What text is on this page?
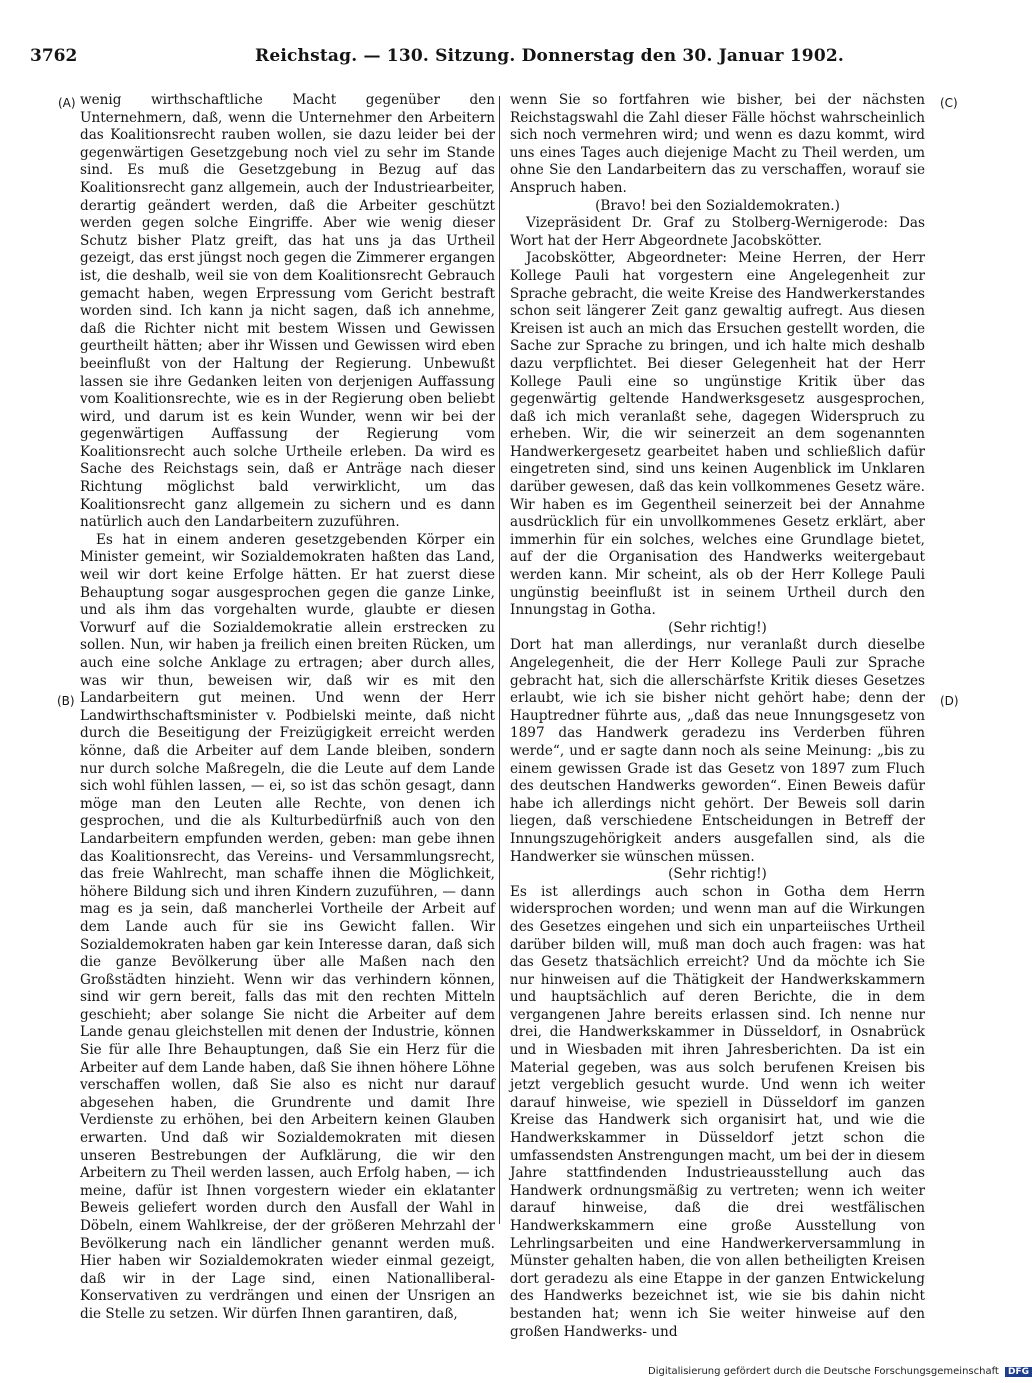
3762	Reichstag. — 130. Sitzung. Donnerstag den 30. Januar 1902.
(A)
(B)
(C)
(D)

wenig wirthschaftliche Macht gegenüber den Unternehmern, daß, wenn die Unternehmer den Arbeitern das Koalitionsrecht rauben wollen, sie dazu leider bei der gegenwärtigen Gesetzgebung noch viel zu sehr im Stande sind. Es muß die Gesetzgebung in Bezug auf das Koalitionsrecht ganz allgemein, auch der Industriearbeiter, derartig geändert werden, daß die Arbeiter geschützt werden gegen solche Eingriffe. Aber wie wenig dieser Schutz bisher Platz greift, das hat uns ja das Urtheil gezeigt, das erst jüngst noch gegen die Zimmerer ergangen ist, die deshalb, weil sie von dem Koalitionsrecht Gebrauch gemacht haben, wegen Erpressung vom Gericht bestraft worden sind. Ich kann ja nicht sagen, daß ich annehme, daß die Richter nicht mit bestem Wissen und Gewissen geurtheilt hätten; aber ihr Wissen und Gewissen wird eben beeinflußt von der Haltung der Regierung. Unbewußt lassen sie ihre Gedanken leiten von derjenigen Auffassung vom Koalitionsrechte, wie es in der Regierung oben beliebt wird, und darum ist es kein Wunder, wenn wir bei der gegenwärtigen Auffassung der Regierung vom Koalitionsrecht auch solche Urtheile erleben. Da wird es Sache des Reichstags sein, daß er Anträge nach dieser Richtung möglichst bald verwirklicht, um das Koalitionsrecht ganz allgemein zu sichern und es dann natürlich auch den Landarbeitern zuzuführen.

Es hat in einem anderen gesetzgebenden Körper ein Minister gemeint, wir Sozialdemokraten haßten das Land, weil wir dort keine Erfolge hätten. Er hat zuerst diese Behauptung sogar ausgesprochen gegen die ganze Linke, und als ihm das vorgehalten wurde, glaubte er diesen Vorwurf auf die Sozialdemokratie allein erstrecken zu sollen. Nun, wir haben ja freilich einen breiten Rücken, um auch eine solche Anklage zu ertragen; aber durch alles, was wir thun, beweisen wir, daß wir es mit den Landarbeitern gut meinen. Und wenn der Herr Landwirthschaftsminister v. Podbielski meinte, daß nicht durch die Beseitigung der Freizügigkeit erreicht werden könne, daß die Arbeiter auf dem Lande bleiben, sondern nur durch solche Maßregeln, die die Leute auf dem Lande sich wohl fühlen lassen, — ei, so ist das schön gesagt, dann möge man den Leuten alle Rechte, von denen ich gesprochen, und die als Kulturbedürfniß auch von den Landarbeitern empfunden werden, geben: man gebe ihnen das Koalitionsrecht, das Vereins- und Versammlungsrecht, das freie Wahlrecht, man schaffe ihnen die Möglichkeit, höhere Bildung sich und ihren Kindern zuzuführen, — dann mag es ja sein, daß mancherlei Vortheile der Arbeit auf dem Lande auch für sie ins Gewicht fallen. Wir Sozialdemokraten haben gar kein Interesse daran, daß sich die ganze Bevölkerung über alle Maßen nach den Großstädten hinzieht. Wenn wir das verhindern können, sind wir gern bereit, falls das mit den rechten Mitteln geschieht; aber solange Sie nicht die Arbeiter auf dem Lande genau gleichstellen mit denen der Industrie, können Sie für alle Ihre Behauptungen, daß Sie ein Herz für die Arbeiter auf dem Lande haben, daß Sie ihnen höhere Löhne verschaffen wollen, daß Sie also es nicht nur darauf abgesehen haben, die Grundrente und damit Ihre Verdienste zu erhöhen, bei den Arbeitern keinen Glauben erwarten. Und daß wir Sozialdemokraten mit diesen unseren Bestrebungen der Aufklärung, die wir den Arbeitern zu Theil werden lassen, auch Erfolg haben, — ich meine, dafür ist Ihnen vorgestern wieder ein eklatanter Beweis geliefert worden durch den Ausfall der Wahl in Döbeln, einem Wahlkreise, der der größeren Mehrzahl der Bevölkerung nach ein ländlicher genannt werden muß. Hier haben wir Sozialdemokraten wieder einmal gezeigt, daß wir in der Lage sind, einen Nationalliberal-Konservativen zu verdrängen und einen der Unsrigen an die Stelle zu setzen. Wir dürfen Ihnen garantiren, daß,

wenn Sie so fortfahren wie bisher, bei der nächsten Reichstagswahl die Zahl dieser Fälle höchst wahrscheinlich sich noch vermehren wird; und wenn es dazu kommt, wird uns eines Tages auch diejenige Macht zu Theil werden, um ohne Sie den Landarbeitern das zu verschaffen, worauf sie Anspruch haben.

(Bravo! bei den Sozialdemokraten.)

Vizepräsident Dr. Graf zu Stolberg-Wernigerode: Das Wort hat der Herr Abgeordnete Jacobskötter.

Jacobskötter, Abgeordneter: Meine Herren, der Herr Kollege Pauli hat vorgestern eine Angelegenheit zur Sprache gebracht, die weite Kreise des Handwerkerstandes schon seit längerer Zeit ganz gewaltig aufregt. Aus diesen Kreisen ist auch an mich das Ersuchen gestellt worden, die Sache zur Sprache zu bringen, und ich halte mich deshalb dazu verpflichtet. Bei dieser Gelegenheit hat der Herr Kollege Pauli eine so ungünstige Kritik über das gegenwärtig geltende Handwerksgesetz ausgesprochen, daß ich mich veranlaßt sehe, dagegen Widerspruch zu erheben. Wir, die wir seinerzeit an dem sogenannten Handwerkergesetz gearbeitet haben und schließlich dafür eingetreten sind, sind uns keinen Augenblick im Unklaren darüber gewesen, daß das kein vollkommenes Gesetz wäre. Wir haben es im Gegentheil seinerzeit bei der Annahme ausdrücklich für ein unvollkommenes Gesetz erklärt, aber immerhin für ein solches, welches eine Grundlage bietet, auf der die Organisation des Handwerks weitergebaut werden kann. Mir scheint, als ob der Herr Kollege Pauli ungünstig beeinflußt ist in seinem Urtheil durch den Innungstag in Gotha.

(Sehr richtig!)

Dort hat man allerdings, nur veranlaßt durch dieselbe Angelegenheit, die der Herr Kollege Pauli zur Sprache gebracht hat, sich die allerschärfste Kritik dieses Gesetzes erlaubt, wie ich sie bisher nicht gehört habe; denn der Hauptredner führte aus, „daß das neue Innungsgesetz von 1897 das Handwerk geradezu ins Verderben führen werde“, und er sagte dann noch als seine Meinung: „bis zu einem gewissen Grade ist das Gesetz von 1897 zum Fluch des deutschen Handwerks geworden“. Einen Beweis dafür habe ich allerdings nicht gehört. Der Beweis soll darin liegen, daß verschiedene Entscheidungen in Betreff der Innungszugehörigkeit anders ausgefallen sind, als die Handwerker sie wünschen müssen.

(Sehr richtig!)

Es ist allerdings auch schon in Gotha dem Herrn widersprochen worden; und wenn man auf die Wirkungen des Gesetzes eingehen und sich ein unparteiisches Urtheil darüber bilden will, muß man doch auch fragen: was hat das Gesetz thatsächlich erreicht? Und da möchte ich Sie nur hinweisen auf die Thätigkeit der Handwerkskammern und hauptsächlich auf deren Berichte, die in dem vergangenen Jahre bereits erlassen sind. Ich nenne nur drei, die Handwerkskammer in Düsseldorf, in Osnabrück und in Wiesbaden mit ihren Jahresberichten. Da ist ein Material gegeben, was aus solch berufenen Kreisen bis jetzt vergeblich gesucht wurde. Und wenn ich weiter darauf hinweise, wie speziell in Düsseldorf im ganzen Kreise das Handwerk sich organisirt hat, und wie die Handwerkskammer in Düsseldorf jetzt schon die umfassendsten Anstrengungen macht, um bei der in diesem Jahre stattfindenden Industrieausstellung auch das Handwerk ordnungsmäßig zu vertreten; wenn ich weiter darauf hinweise, daß die drei westfälischen Handwerkskammern eine große Ausstellung von Lehrlingsarbeiten und eine Handwerkerversammlung in Münster gehalten haben, die von allen betheiligten Kreisen dort geradezu als eine Etappe in der ganzen Entwickelung des Handwerks bezeichnet ist, wie sie bis dahin nicht bestanden hat; wenn ich Sie weiter hinweise auf den großen Handwerks- und

Digitalisierung gefördert durch die Deutsche Forschungsgemeinschaft DFG
